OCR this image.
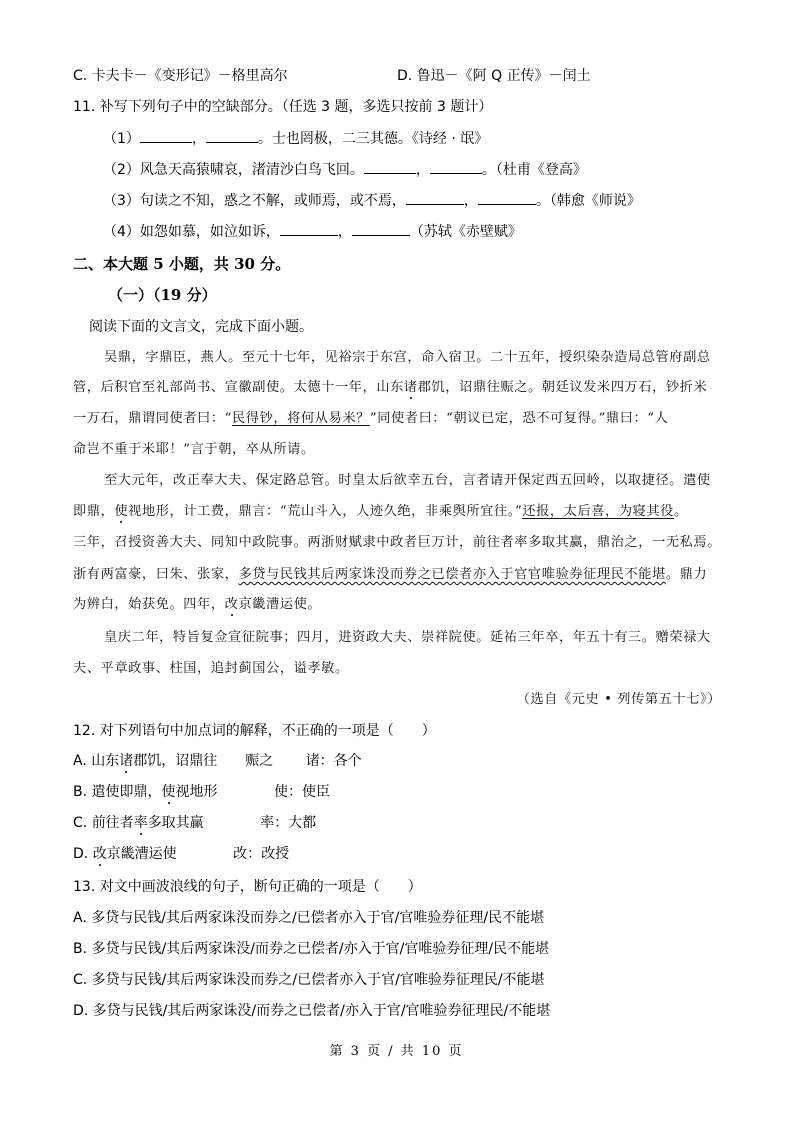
C. 卡夫卡－《变形记》－格里高尔	D. 鲁迅－《阿 Q 正传》－闰土
11. 补写下列句子中的空缺部分。（任选 3 题，多选只按前 3 题计）
（1）	，	。士也罔极，二三其德。《诗经 · 氓》
（2）风急天高猿啸哀，渚清沙白鸟飞回。	，	。（杜甫《登高》
（3）句读之不知，惑之不解，或师焉，或不焉，	，	。（韩愈《师说》
（4）如怨如慕，如泣如诉，	，	（苏轼《赤壁赋》
二、本大题 5 小题，共 30 分。
（一）（19 分）
阅读下面的文言文，完成下面小题。
吴鼎，字鼎臣，燕人。至元十七年，见裕宗于东宫，命入宿卫。二十五年，授织染杂造局总管府副总
管，后积官至礼部尚书、宣徽副使。太德十一年，山东诸郡饥，诏鼎往赈之。朝廷议发米四万石，钞折米
一万石，鼎谓同使者曰：“民得钞，将何从易米？”同使者曰：“朝议已定，恐不可复得。”鼎曰：“人
命岂不重于米耶！”言于朝，卒从所请。
至大元年，改正奉大夫、保定路总管。时皇太后欲幸五台，言者请开保定西五回岭，以取捷径。遣使
即鼎，使视地形，计工费，鼎言：“荒山斗入，人迹久绝，非乘舆所宜往。”还报，太后喜，为寝其役。
三年，召授资善大夫、同知中政院事。两浙财赋隶中政者巨万计，前往者率多取其赢，鼎治之，一无私焉。
浙有两富豪，曰朱、张家，多贷与民钱其后两家诛没而券之已偿者亦入于官官唯验券征理民不能堪。鼎力
为辨白，始获免。四年，改京畿漕运使。
皇庆二年，特旨复佥宣征院事；四月，进资政大夫、崇祥院使。延祐三年卒，年五十有三。赠荣禄大
夫、平章政事、柱国，追封蓟国公，谥孝敏。
（选自《元史 • 列传第五十七》）
12. 对下列语句中加点词的解释，不正确的一项是（　　）
A. 山东诸郡饥，诏鼎往　　赈之 诸：各个
B. 遣使即鼎，使视地形	使：使臣
C. 前往者率多取其赢	率：大都
D. 改京畿漕运使	改：改授
13. 对文中画波浪线的句子，断句正确的一项是（　　）
A. 多贷与民钱/其后两家诛没而券之/已偿者亦入于官/官唯验券征理/民不能堪
B. 多贷与民钱/其后两家诛没/而券之已偿者/亦入于官/官唯验券征理/民不能堪
C. 多贷与民钱/其后两家诛没而券之/已偿者亦入于官/官唯验券征理民/不能堪
D. 多贷与民钱/其后两家诛没/而券之已偿者/亦入于官/官唯验券征理民/不能堪
第 3 页 / 共 10 页
